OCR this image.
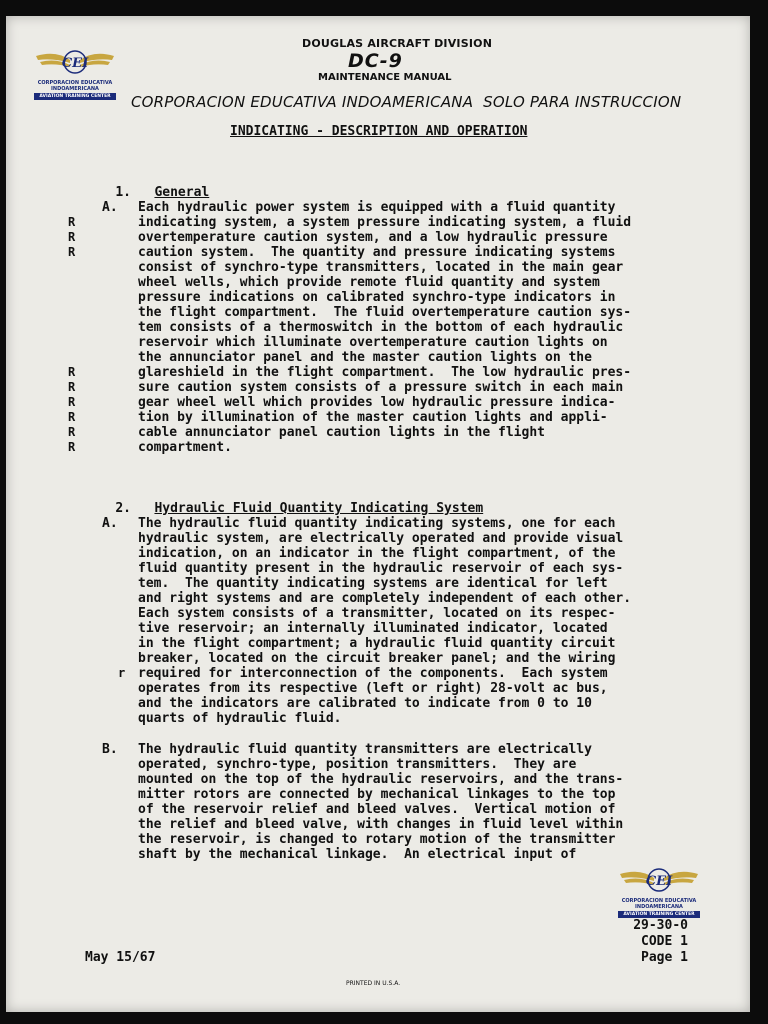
CEI
CORPORACION EDUCATIVA
INDOAMERICANA
AVIATION TRAINING CENTER
DOUGLAS AIRCRAFT DIVISION
DC-9
MAINTENANCE MANUAL
CORPORACION EDUCATIVA INDOAMERICANA  SOLO PARA INSTRUCCION
INDICATING - DESCRIPTION AND OPERATION

1. General

A. Each hydraulic power system is equipped with a fluid quantity
indicating system, a system pressure indicating system, a fluid
overtemperature caution system, and a low hydraulic pressure
caution system.  The quantity and pressure indicating systems
consist of synchro-type transmitters, located in the main gear
wheel wells, which provide remote fluid quantity and system
pressure indications on calibrated synchro-type indicators in
the flight compartment.  The fluid overtemperature caution sys-
tem consists of a thermoswitch in the bottom of each hydraulic
reservoir which illuminate overtemperature caution lights on
the annunciator panel and the master caution lights on the
glareshield in the flight compartment.  The low hydraulic pres-
sure caution system consists of a pressure switch in each main
gear wheel well which provides low hydraulic pressure indica-
tion by illumination of the master caution lights and appli-
cable annunciator panel caution lights in the flight
compartment.
R
R
R
R
R
R
R
R
R

2. Hydraulic Fluid Quantity Indicating System

A. The hydraulic fluid quantity indicating systems, one for each
hydraulic system, are electrically operated and provide visual
indication, on an indicator in the flight compartment, of the
fluid quantity present in the hydraulic reservoir of each sys-
tem.  The quantity indicating systems are identical for left
and right systems and are completely independent of each other.
Each system consists of a transmitter, located on its respec-
tive reservoir; an internally illuminated indicator, located
in the flight compartment; a hydraulic fluid quantity circuit
breaker, located on the circuit breaker panel; and the wiring
required for interconnection of the components.  Each system
operates from its respective (left or right) 28-volt ac bus,
and the indicators are calibrated to indicate from 0 to 10
quarts of hydraulic fluid.
r
B. The hydraulic fluid quantity transmitters are electrically
operated, synchro-type, position transmitters.  They are
mounted on the top of the hydraulic reservoirs, and the trans-
mitter rotors are connected by mechanical linkages to the top
of the reservoir relief and bleed valves.  Vertical motion of
the relief and bleed valve, with changes in fluid level within
the reservoir, is changed to rotary motion of the transmitter
shaft by the mechanical linkage.  An electrical input of
CEI
CORPORACION EDUCATIVA
INDOAMERICANA
AVIATION TRAINING CENTER
29-30-0
CODE 1
Page 1
May 15/67
PRINTED IN U.S.A.
